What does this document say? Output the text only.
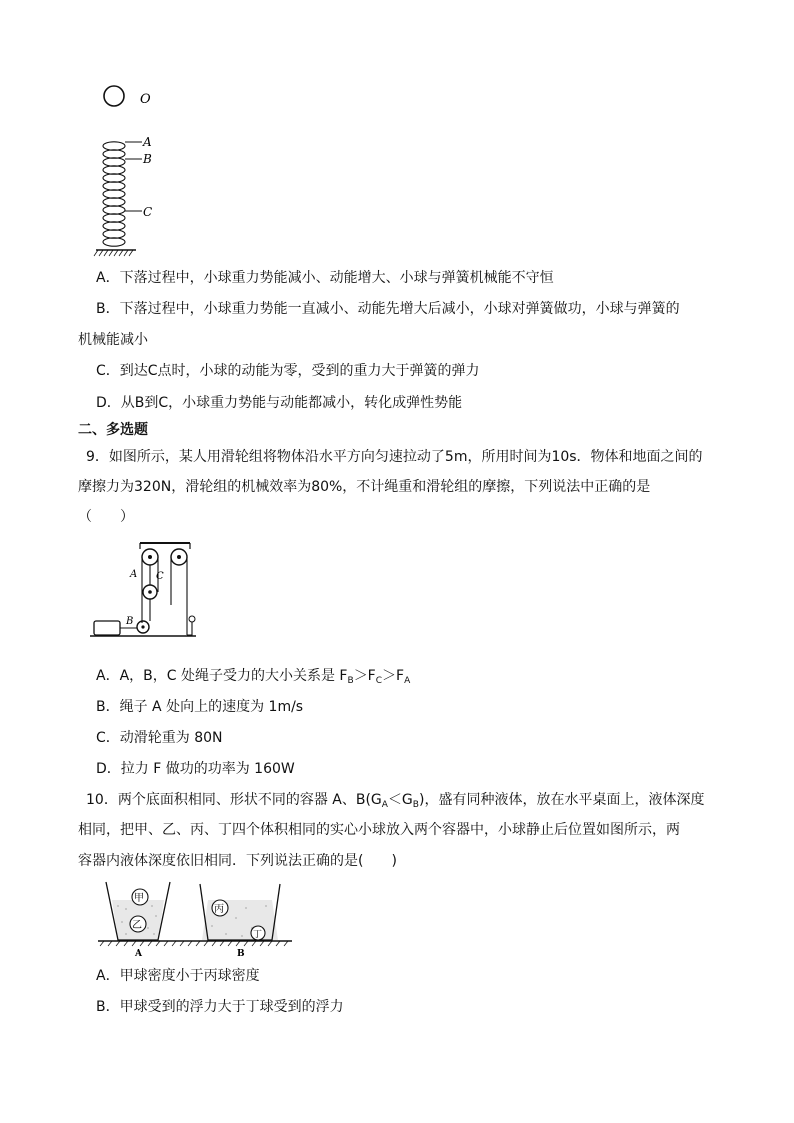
O
A
B
C
A．下落过程中，小球重力势能减小、动能增大、小球与弹簧机械能不守恒
B．下落过程中，小球重力势能一直减小、动能先增大后减小，小球对弹簧做功，小球与弹簧的
机械能减小
C．到达C点时，小球的动能为零，受到的重力大于弹簧的弹力
D．从B到C，小球重力势能与动能都减小，转化成弹性势能
二、多选题
9．如图所示，某人用滑轮组将物体沿水平方向匀速拉动了5m，所用时间为10s．物体和地面之间的
摩擦力为320N，滑轮组的机械效率为80%，不计绳重和滑轮组的摩擦，下列说法中正确的是
（　　）
A C
B
A．A，B，C 处绳子受力的大小关系是 $F_B>F_C>F_A$
B．绳子 A 处向上的速度为 1m/s
C．动滑轮重为 80N
D．拉力 F 做功的功率为 160W
10．两个底面积相同、形状不同的容器 A、$B(G_A<G_B)$，盛有同种液体，放在水平桌面上，液体深度
相同，把甲、乙、丙、丁四个体积相同的实心小球放入两个容器中，小球静止后位置如图所示，两
容器内液体深度依旧相同．下列说法正确的是(　　)
甲
乙
丙
丁
A	B
A．甲球密度小于丙球密度
B．甲球受到的浮力大于丁球受到的浮力
